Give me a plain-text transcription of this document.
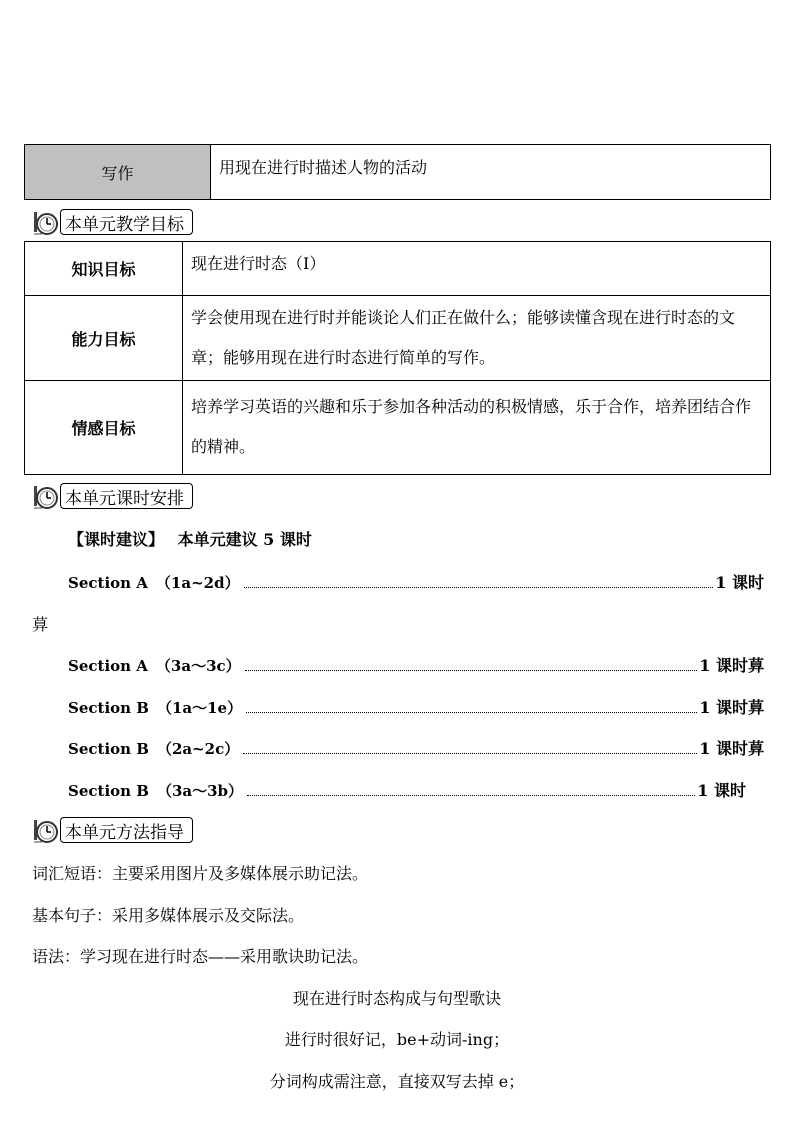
写作	用现在进行时描述人物的活动
本单元教学目标
知识目标	现在进行时态（I）
能力目标	学会使用现在进行时并能谈论人们正在做什么；能够读懂含现在进行时态的文章；能够用现在进行时态进行简单的写作。
情感目标	培养学习英语的兴趣和乐于参加各种活动的积极情感，乐于合作，培养团结合作的精神。
本单元课时安排
【课时建议】 本单元建议 5 课时
Section A （1a~2d）	1 课时
萛
Section A （3a～3c）	1 课时萛
Section B （1a～1e）	1 课时萛
Section B （2a~2c）	1 课时萛
Section B （3a～3b）	1 课时
本单元方法指导
词汇短语：主要采用图片及多媒体展示助记法。
基本句子：采用多媒体展示及交际法。
语法：学习现在进行时态——采用歌诀助记法。
现在进行时态构成与句型歌诀
进行时很好记，be+动词-ing；
分词构成需注意，直接双写去掉 e；
